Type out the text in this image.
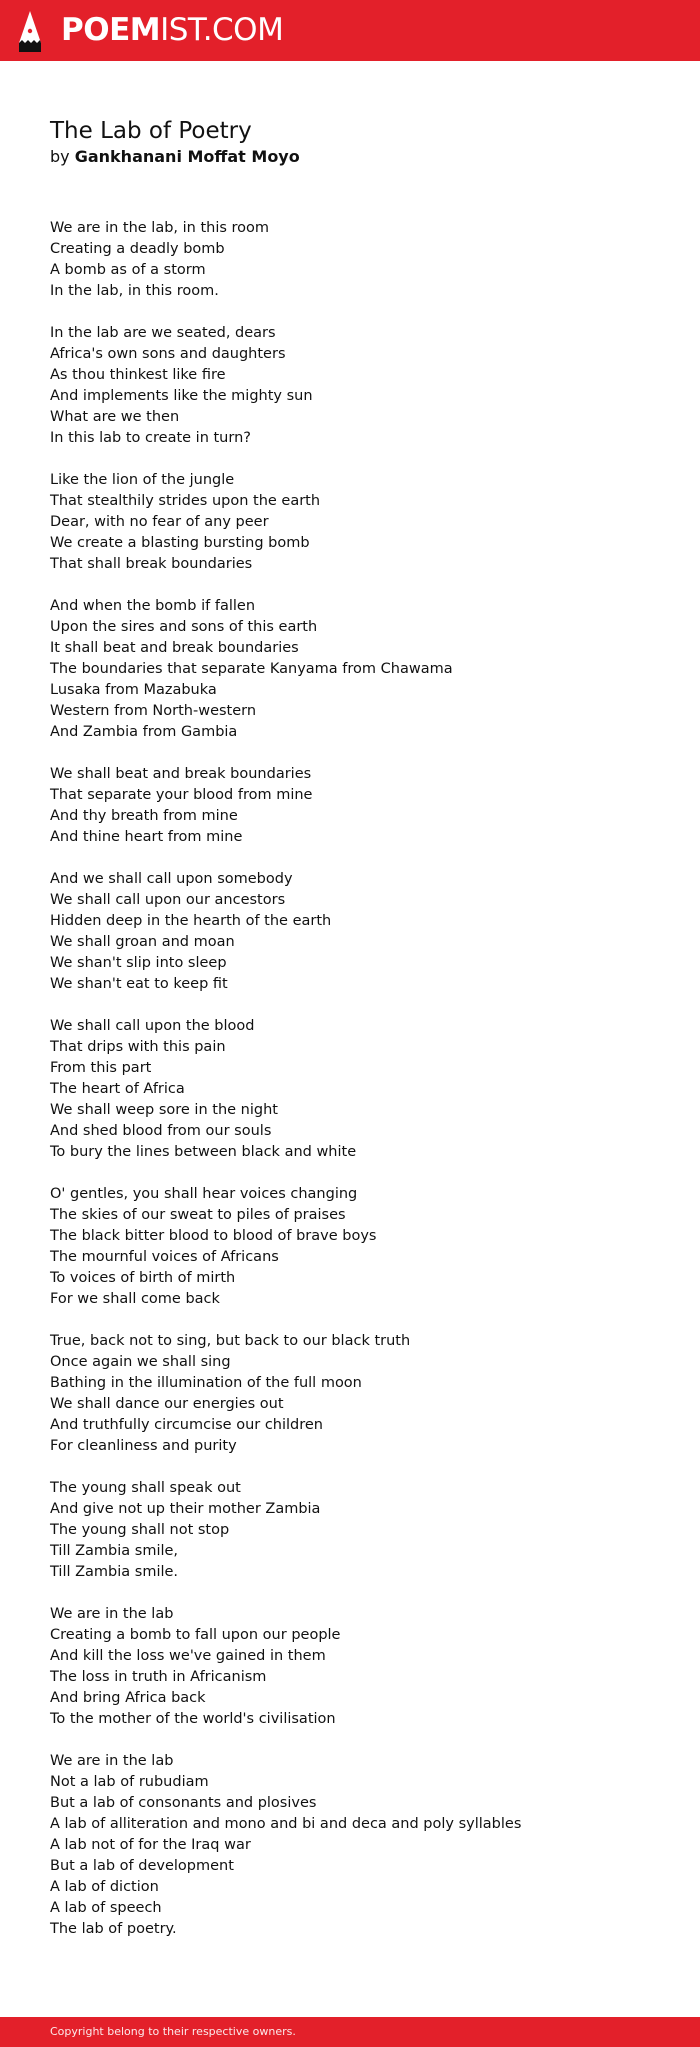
POEMIST.COM
The Lab of Poetry

by Gankhanani Moffat Moyo

We are in the lab, in this room
Creating a deadly bomb
A bomb as of a storm
In the lab, in this room.
In the lab are we seated, dears
Africa's own sons and daughters
As thou thinkest like fire
And implements like the mighty sun
What are we then
In this lab to create in turn?
Like the lion of the jungle
That stealthily strides upon the earth
Dear, with no fear of any peer
We create a blasting bursting bomb
That shall break boundaries
And when the bomb if fallen
Upon the sires and sons of this earth
It shall beat and break boundaries
The boundaries that separate Kanyama from Chawama
Lusaka from Mazabuka
Western from North-western
And Zambia from Gambia
We shall beat and break boundaries
That separate your blood from mine
And thy breath from mine
And thine heart from mine
And we shall call upon somebody
We shall call upon our ancestors
Hidden deep in the hearth of the earth
We shall groan and moan
We shan't slip into sleep
We shan't eat to keep fit
We shall call upon the blood
That drips with this pain
From this part
The heart of Africa
We shall weep sore in the night
And shed blood from our souls
To bury the lines between black and white
O' gentles, you shall hear voices changing
The skies of our sweat to piles of praises
The black bitter blood to blood of brave boys
The mournful voices of Africans
To voices of birth of mirth
For we shall come back
True, back not to sing, but back to our black truth
Once again we shall sing
Bathing in the illumination of the full moon
We shall dance our energies out
And truthfully circumcise our children
For cleanliness and purity
The young shall speak out
And give not up their mother Zambia
The young shall not stop
Till Zambia smile,
Till Zambia smile.
We are in the lab
Creating a bomb to fall upon our people
And kill the loss we've gained in them
The loss in truth in Africanism
And bring Africa back
To the mother of the world's civilisation
We are in the lab
Not a lab of rubudiam
But a lab of consonants and plosives
A lab of alliteration and mono and bi and deca and poly syllables
A lab not of for the Iraq war
But a lab of development
A lab of diction
A lab of speech
The lab of poetry.
Copyright belong to their respective owners.
